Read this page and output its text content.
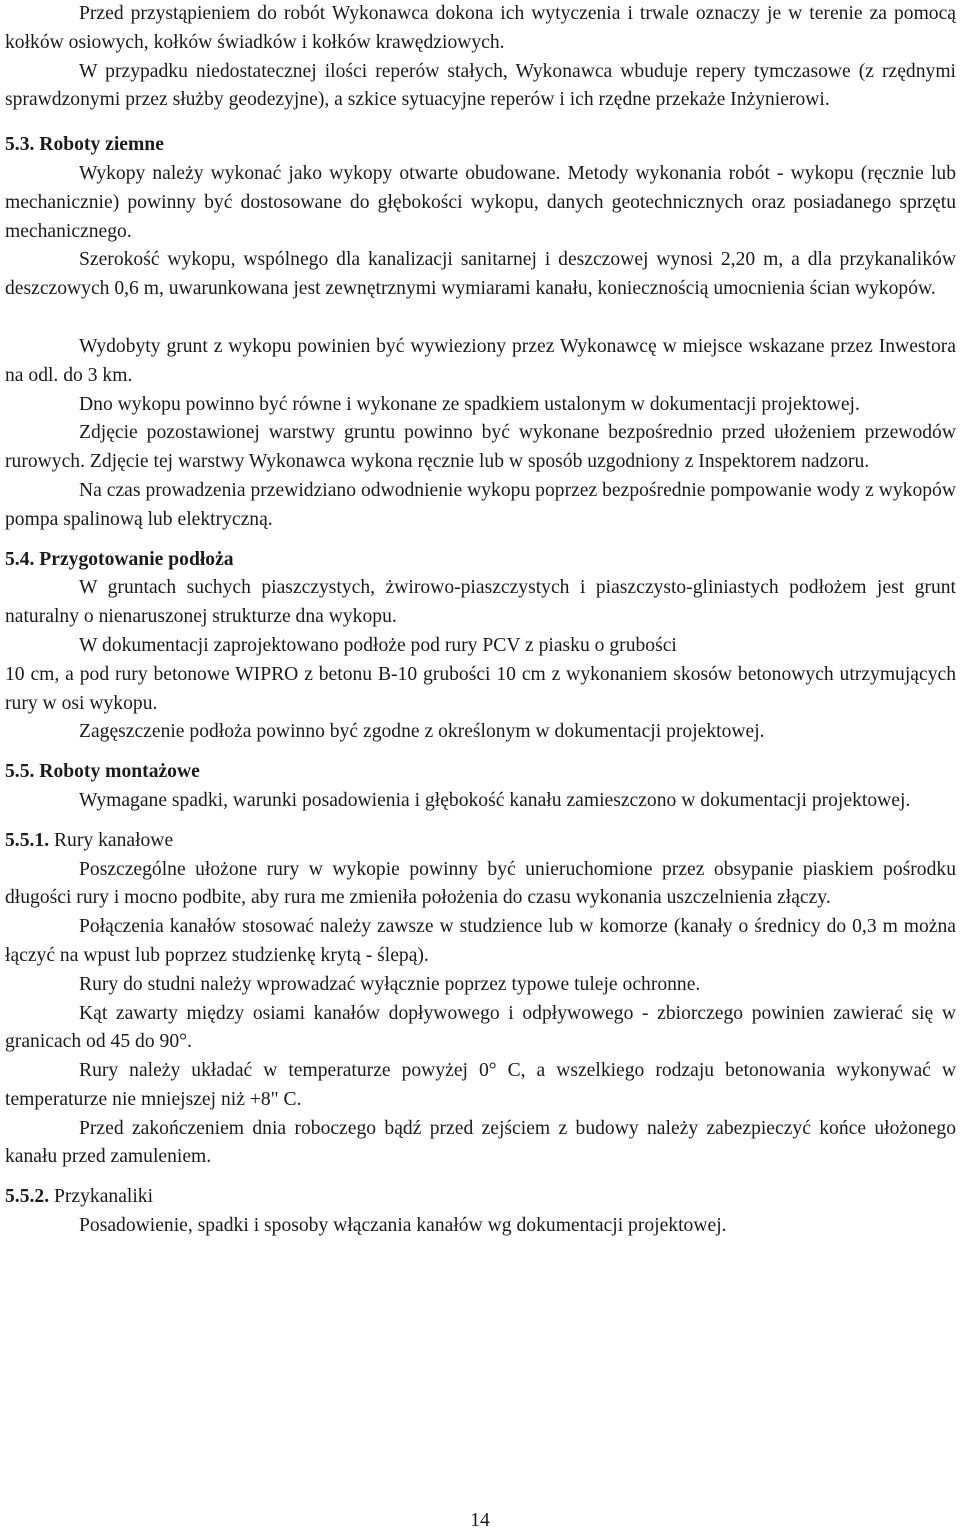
Przed przystąpieniem do robót Wykonawca dokona ich wytyczenia i trwale oznaczy je w terenie za pomocą kołków osiowych, kołków świadków i kołków krawędziowych.

W przypadku niedostatecznej ilości reperów stałych, Wykonawca wbuduje repery tymczasowe (z rzędnymi sprawdzonymi przez służby geodezyjne), a szkice sytuacyjne reperów i ich rzędne przekaże Inżynierowi.

5.3. Roboty ziemne

Wykopy należy wykonać jako wykopy otwarte obudowane. Metody wykonania robót - wykopu (ręcznie lub mechanicznie) powinny być dostosowane do głębokości wykopu, danych geotechnicznych oraz posiadanego sprzętu mechanicznego.

Szerokość wykopu, wspólnego dla kanalizacji sanitarnej i deszczowej wynosi 2,20 m, a dla przykanalików deszczowych 0,6 m, uwarunkowana jest zewnętrznymi wymiarami kanału, koniecznością umocnienia ścian wykopów.

Wydobyty grunt z wykopu powinien być wywieziony przez Wykonawcę w miejsce wskazane przez Inwestora na odl. do 3 km.

Dno wykopu powinno być równe i wykonane ze spadkiem ustalonym w dokumentacji projektowej.

Zdjęcie pozostawionej warstwy gruntu powinno być wykonane bezpośrednio przed ułożeniem przewodów rurowych. Zdjęcie tej warstwy Wykonawca wykona ręcznie lub w sposób uzgodniony z Inspektorem nadzoru.

Na czas prowadzenia przewidziano odwodnienie wykopu poprzez bezpośrednie pompowanie wody z wykopów pompa spalinową lub elektryczną.

5.4. Przygotowanie podłoża

W gruntach suchych piaszczystych, żwirowo-piaszczystych i piaszczysto-gliniastych podłożem jest grunt naturalny o nienaruszonej strukturze dna wykopu.

W dokumentacji zaprojektowano podłoże pod rury PCV z piasku o grubości

10 cm, a pod rury betonowe WIPRO z betonu B-10 grubości 10 cm z wykonaniem skosów betonowych utrzymujących rury w osi wykopu.

Zagęszczenie podłoża powinno być zgodne z określonym w dokumentacji projektowej.

5.5. Roboty montażowe

Wymagane spadki, warunki posadowienia i głębokość kanału zamieszczono w dokumentacji projektowej.

5.5.1. Rury kanałowe

Poszczególne ułożone rury w wykopie powinny być unieruchomione przez obsypanie piaskiem pośrodku długości rury i mocno podbite, aby rura me zmieniła położenia do czasu wykonania uszczelnienia złączy.

Połączenia kanałów stosować należy zawsze w studzience lub w komorze (kanały o średnicy do 0,3 m można łączyć na wpust lub poprzez studzienkę krytą - ślepą).

Rury do studni należy wprowadzać wyłącznie poprzez typowe tuleje ochronne.

Kąt zawarty między osiami kanałów dopływowego i odpływowego - zbiorczego powinien zawierać się w granicach od 45 do 90°.

Rury należy układać w temperaturze powyżej 0° C, a wszelkiego rodzaju betonowania wykonywać w temperaturze nie mniejszej niż +8" C.

Przed zakończeniem dnia roboczego bądź przed zejściem z budowy należy zabezpieczyć końce ułożonego kanału przed zamuleniem.

5.5.2. Przykanaliki

Posadowienie, spadki i sposoby włączania kanałów wg dokumentacji projektowej.

14
